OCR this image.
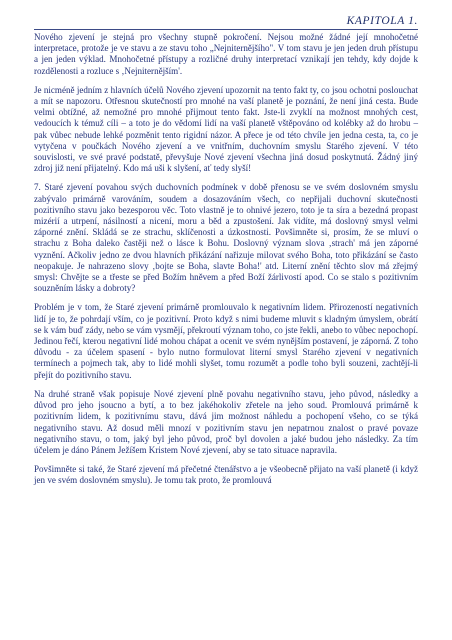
KAPITOLA 1.

Nového zjevení je stejná pro všechny stupně pokročení. Nejsou možné žádné její mnohočetné interpretace, protože je ve stavu a ze stavu toho „Nejniternějšího". V tom stavu je jen jeden druh přístupu a jen jeden výklad. Mnohočetné přístupy a rozličné druhy interpretací vznikají jen tehdy, kdy dojde k rozdělenosti a rozluce s ‚Nejniternějším'.

Je nicméně jedním z hlavních účelů Nového zjevení upozornit na tento fakt ty, co jsou ochotni poslouchat a mít se napozoru. Otřesnou skutečností pro mnohé na vaší planetě je poznání, že není jiná cesta. Bude velmi obtížné, až nemožné pro mnohé přijmout tento fakt. Jste-li zvyklí na možnost mnohých cest, vedoucích k témuž cíli – a toto je do vědomí lidí na vaší planetě vštěpováno od kolébky až do hrobu – pak vůbec nebude lehké pozměnit tento rigidní názor. A přece je od této chvíle jen jedna cesta, ta, co je vytyčena v poučkách Nového zjevení a ve vnitřním, duchovním smyslu Starého zjevení. V této souvislosti, ve své pravé podstatě, převyšuje Nové zjevení všechna jiná dosud poskytnutá. Žádný jiný zdroj již není přijatelný. Kdo má uši k slyšení, ať tedy slyší!

7. Staré zjevení povahou svých duchovních podmínek v době přenosu se ve svém doslovném smyslu zabývalo primárně varováním, soudem a dosazováním všech, co nepřijali duchovní skutečnosti pozitivního stavu jako bezesporou věc. Toto vlastně je to ohnivé jezero, toto je ta síra a bezedná propast mizérií a utrpení, násilností a nicení, moru a běd a zpustošení. Jak vidíte, má doslovný smysl velmi záporné znění. Skládá se ze strachu, sklíčenosti a úzkostnosti. Povšimněte si, prosím, že se mluví o strachu z Boha daleko častěji než o lásce k Bohu. Doslovný význam slova ‚strach' má jen záporné vyznění. Ačkoliv jedno ze dvou hlavních přikázání nařizuje milovat svého Boha, toto přikázání se často neopakuje. Je nahrazeno slovy ‚bojte se Boha, slavte Boha!' atd. Literní znění těchto slov má zřejmý smysl: Chvějte se a třeste se před Božím hněvem a před Boží žárlivostí apod. Co se stalo s pozitivním souzněním lásky a dobroty?

Problém je v tom, že Staré zjevení primárně promlouvalo k negativním lidem. Přirozeností negativních lidí je to, že pohrdají vším, co je pozitivní. Proto když s nimi budeme mluvit s kladným úmyslem, obrátí se k vám buď zády, nebo se vám vysmějí, překroutí význam toho, co jste řekli, anebo to vůbec nepochopí. Jedinou řečí, kterou negativní lidé mohou chápat a ocenit ve svém nynějším postavení, je záporná. Z toho důvodu - za účelem spasení - bylo nutno formulovat literní smysl Starého zjevení v negativních termínech a pojmech tak, aby to lidé mohli slyšet, tomu rozumět a podle toho byli souzeni, zachtějí-li přejít do pozitivního stavu.

Na druhé straně však popisuje Nové zjevení plně povahu negativního stavu, jeho původ, následky a důvod pro jeho jsoucno a bytí, a to bez jakéhokoliv zřetele na jeho soud. Promlouvá primárně k pozitivním lidem, k pozitivnímu stavu, dává jim možnost náhledu a pochopení všeho, co se týká negativního stavu. Až dosud měli mnozí v pozitivním stavu jen nepatrnou znalost o pravé povaze negativního stavu, o tom, jaký byl jeho původ, proč byl dovolen a jaké budou jeho následky. Za tím účelem je dáno Pánem Ježíšem Kristem Nové zjevení, aby se tato situace napravila.

Povšimněte si také, že Staré zjevení má přečetné čtenářstvo a je všeobecně přijato na vaší planetě (i když jen ve svém doslovném smyslu). Je tomu tak proto, že promlouvá
